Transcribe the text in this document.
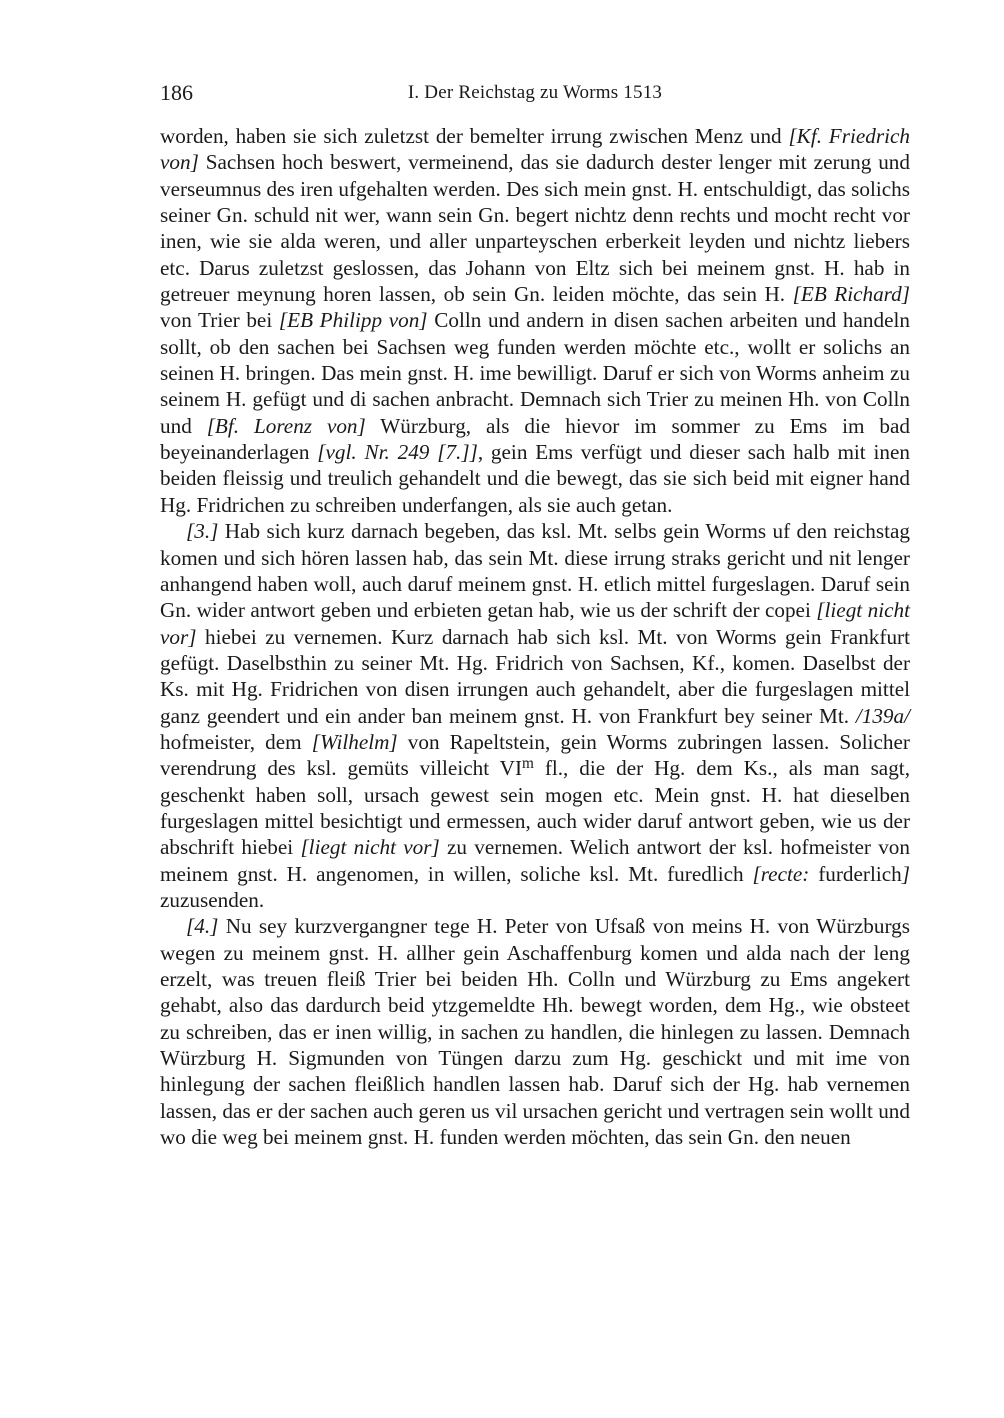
186	I. Der Reichstag zu Worms 1513

worden, haben sie sich zuletzst der bemelter irrung zwischen Menz und [Kf. Friedrich von] Sachsen hoch beswert, vermeinend, das sie dadurch dester lenger mit zerung und verseumnus des iren ufgehalten werden. Des sich mein gnst. H. entschuldigt, das solichs seiner Gn. schuld nit wer, wann sein Gn. begert nichtz denn rechts und mocht recht vor inen, wie sie alda weren, und aller unparteyschen erberkeit leyden und nichtz liebers etc. Darus zuletzst geslossen, das Johann von Eltz sich bei meinem gnst. H. hab in getreuer meynung horen lassen, ob sein Gn. leiden möchte, das sein H. [EB Richard] von Trier bei [EB Philipp von] Colln und andern in disen sachen arbeiten und handeln sollt, ob den sachen bei Sachsen weg funden werden möchte etc., wollt er solichs an seinen H. bringen. Das mein gnst. H. ime bewilligt. Daruf er sich von Worms anheim zu seinem H. gefügt und di sachen anbracht. Demnach sich Trier zu meinen Hh. von Colln und [Bf. Lorenz von] Würzburg, als die hievor im sommer zu Ems im bad beyeinanderlagen [vgl. Nr. 249 [7.]], gein Ems verfügt und dieser sach halb mit inen beiden fleissig und treulich gehandelt und die bewegt, das sie sich beid mit eigner hand Hg. Fridrichen zu schreiben underfangen, als sie auch getan.

[3.] Hab sich kurz darnach begeben, das ksl. Mt. selbs gein Worms uf den reichstag komen und sich hören lassen hab, das sein Mt. diese irrung straks gericht und nit lenger anhangend haben woll, auch daruf meinem gnst. H. etlich mittel furgeslagen. Daruf sein Gn. wider antwort geben und erbieten getan hab, wie us der schrift der copei [liegt nicht vor] hiebei zu vernemen. Kurz darnach hab sich ksl. Mt. von Worms gein Frankfurt gefügt. Daselbsthin zu seiner Mt. Hg. Fridrich von Sachsen, Kf., komen. Daselbst der Ks. mit Hg. Fridrichen von disen irrungen auch gehandelt, aber die furgeslagen mittel ganz geendert und ein ander ban meinem gnst. H. von Frankfurt bey seiner Mt. /139a/ hofmeister, dem [Wilhelm] von Rapeltstein, gein Worms zubringen lassen. Solicher verendrung des ksl. gemüts villeicht $VI^m$ fl., die der Hg. dem Ks., als man sagt, geschenkt haben soll, ursach gewest sein mogen etc. Mein gnst. H. hat dieselben furgeslagen mittel besichtigt und ermessen, auch wider daruf antwort geben, wie us der abschrift hiebei [liegt nicht vor] zu vernemen. Welich antwort der ksl. hofmeister von meinem gnst. H. angenomen, in willen, soliche ksl. Mt. furedlich [recte: furderlich] zuzusenden.

[4.] Nu sey kurzvergangner tege H. Peter von Ufsaß von meins H. von Würzburgs wegen zu meinem gnst. H. allher gein Aschaffenburg komen und alda nach der leng erzelt, was treuen fleiß Trier bei beiden Hh. Colln und Würzburg zu Ems angekert gehabt, also das dardurch beid ytzgemeldte Hh. bewegt worden, dem Hg., wie obsteet zu schreiben, das er inen willig, in sachen zu handlen, die hinlegen zu lassen. Demnach Würzburg H. Sigmunden von Tüngen darzu zum Hg. geschickt und mit ime von hinlegung der sachen fleißlich handlen lassen hab. Daruf sich der Hg. hab vernemen lassen, das er der sachen auch geren us vil ursachen gericht und vertragen sein wollt und wo die weg bei meinem gnst. H. funden werden möchten, das sein Gn. den neuen
